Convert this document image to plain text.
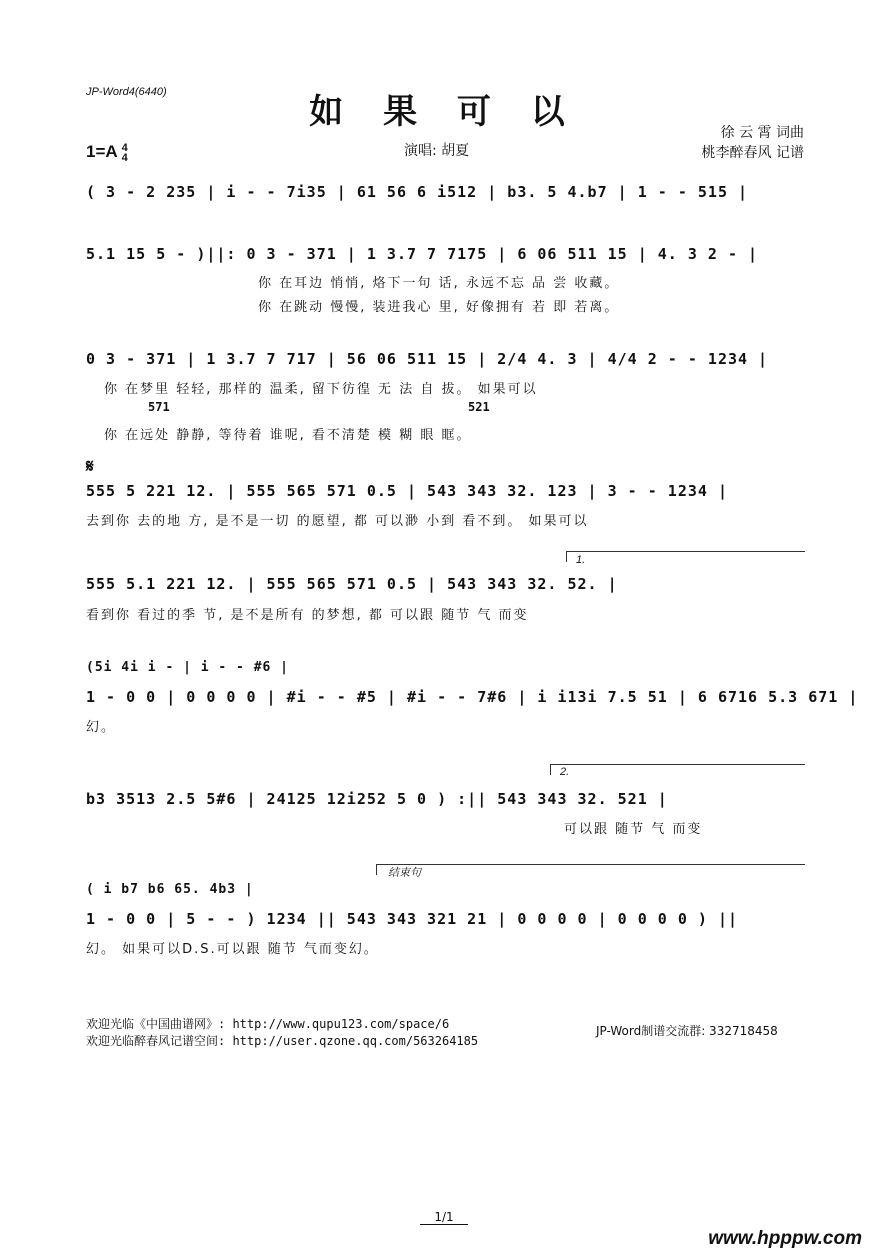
JP-Word4(6440)	如 果 可 以
徐 云 霄 词曲
桃李醉春风 记谱
1=A 4
4	演唱: 胡夏
( 3 - 2 235 | i - - 7i35 | 61 56 6 i512 | b3. 5 4.b7 | 1 - - 515 |
5.1 15 5 - )||: 0 3 - 371 | 1 3.7 7 7175 | 6 06 511 15 | 4. 3 2 - |
你 在耳边 悄悄, 烙下一句 话, 永远不忘 品 尝 收藏。
你 在跳动 慢慢, 装进我心 里, 好像拥有 若 即 若离。
0 3 - 371 | 1 3.7 7 717 | 56 06 511 15 | 2/4 4. 3 | 4/4 2 - - 1234 |
你 在梦里 轻轻, 那样的 温柔, 留下彷徨 无 法 自 拔。 如果可以
571	521
你 在远处 静静, 等待着 谁呢, 看不清楚 模 糊 眼 眶。
𝄋
555 5 221 12. | 555 565 571 0.5 | 543 343 32. 123 | 3 - - 1234 |
去到你 去的地 方, 是不是一切 的愿望, 都 可以渺 小到 看不到。 如果可以
1.
555 5.1 221 12. | 555 565 571 0.5 | 543 343 32. 52. |
看到你 看过的季 节, 是不是所有 的梦想, 都 可以跟 随节 气 而变
(5i 4i i - | i - - #6 |
1 - 0 0 | 0 0 0 0 | #i - - #5 | #i - - 7#6 | i i13i 7.5 51 | 6 6716 5.3 671 |
幻。
2.
b3 3513 2.5 5#6 | 24125 12i252 5 0 ) :|| 543 343 32. 521 |
可以跟 随节 气 而变
结束句
( i b7 b6 65. 4b3 |
1 - 0 0 | 5 - - ) 1234 || 543 343 321 21 | 0 0 0 0 | 0 0 0 0 ) ||
幻。 如果可以D.S.可以跟 随节 气而变幻。
欢迎光临《中国曲谱网》: http://www.qupu123.com/space/6
欢迎光临醉春风记谱空间: http://user.qzone.qq.com/563264185
JP-Word制谱交流群: 332718458
1/1
www.hpppw.com
